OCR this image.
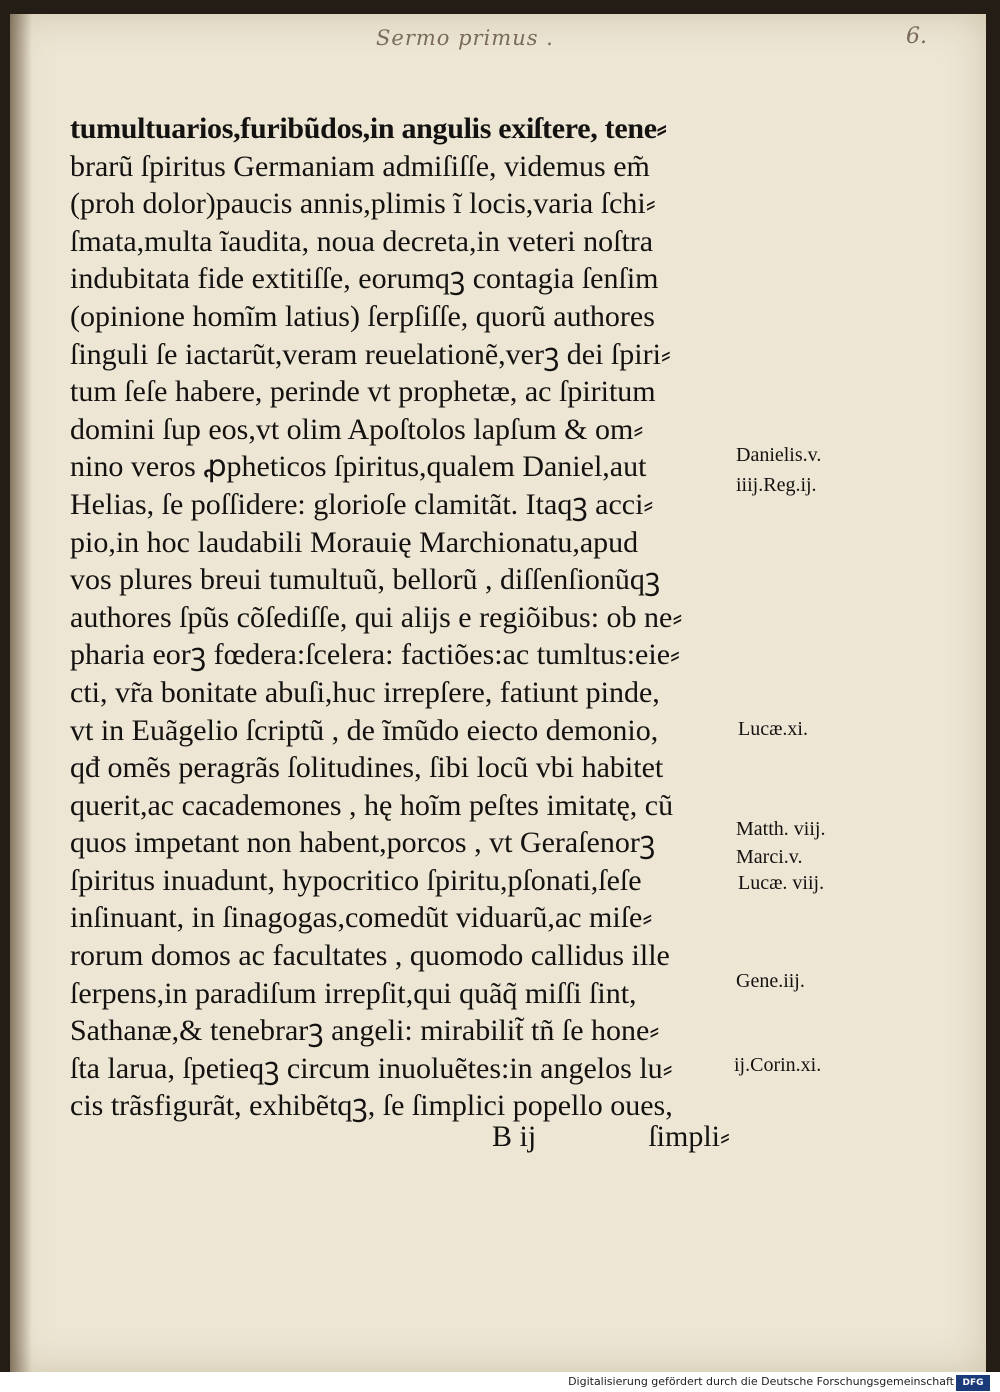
Sermo primus .	6.
tumultuarios,furibũdos,in angulis exiſtere, tene⸗
brarũ ſpiritus Germaniam admiſiſſe, videmus em̃
(proh dolor)paucis annis,plimis ĩ locis,varia ſchi⸗
ſmata,multa ĩaudita, noua decreta,in veteri noſtra
indubitata fide extitiſſe, eorumqꝫ contagia ſenſim
(opinione homĩm latius) ſerpſiſſe, quorũ authores
ſinguli ſe iactarũt,veram reuelationẽ,verꝫ dei ſpiri⸗
tum ſeſe habere, perinde vt prophetæ, ac ſpiritum
domini ſup eos,vt olim Apoſtolos lapſum & om⸗
nino veros ꝓpheticos ſpiritus,qualem Daniel,aut
Helias, ſe poſſidere: glorioſe clamitãt. Itaqꝫ acci⸗
pio,in hoc laudabili Morauię Marchionatu,apud
vos plures breui tumultuũ, bellorũ , diſſenſionũqꝫ
authores ſpũs cõſediſſe, qui alijs e regiõibus: ob ne⸗
pharia eorꝫ fœdera:ſcelera: factiões:ac tumltus:eie⸗
cti, vr̃a bonitate abuſi,huc irrepſere, fatiunt pinde,
vt in Euãgelio ſcriptũ , de ĩmũdo eiecto demonio,
qđ omẽs peragrãs ſolitudines, ſibi locũ vbi habitet
querit,ac cacademones , hę hoĩm peſtes imitatę, cũ
quos impetant non habent,porcos , vt Geraſenorꝫ
ſpiritus inuadunt, hypocritico ſpiritu,pſonati,ſeſe
inſinuant, in ſinagogas,comedũt viduarũ,ac miſe⸗
rorum domos ac facultates , quomodo callidus ille
ſerpens,in paradiſum irrepſit,qui quãq̃ miſſi ſint,
Sathanæ,& tenebrarꝫ angeli: mirabilit̃ tñ ſe hone⸗
ſta larua, ſpetieqꝫ circum inuoluẽtes:in angelos lu⸗
cis trãsfigurãt, exhibẽtqꝫ, ſe ſimplici popello oues,
B ij	ſimpli⸗
Danielis.v.
iiij.Reg.ij.
Lucæ.xi.
Matth. viij.
Marci.v.
Lucæ. viij.
Gene.iij.
ij.Corin.xi.
Digitalisierung gefördert durch die Deutsche Forschungsgemeinschaft DFG
